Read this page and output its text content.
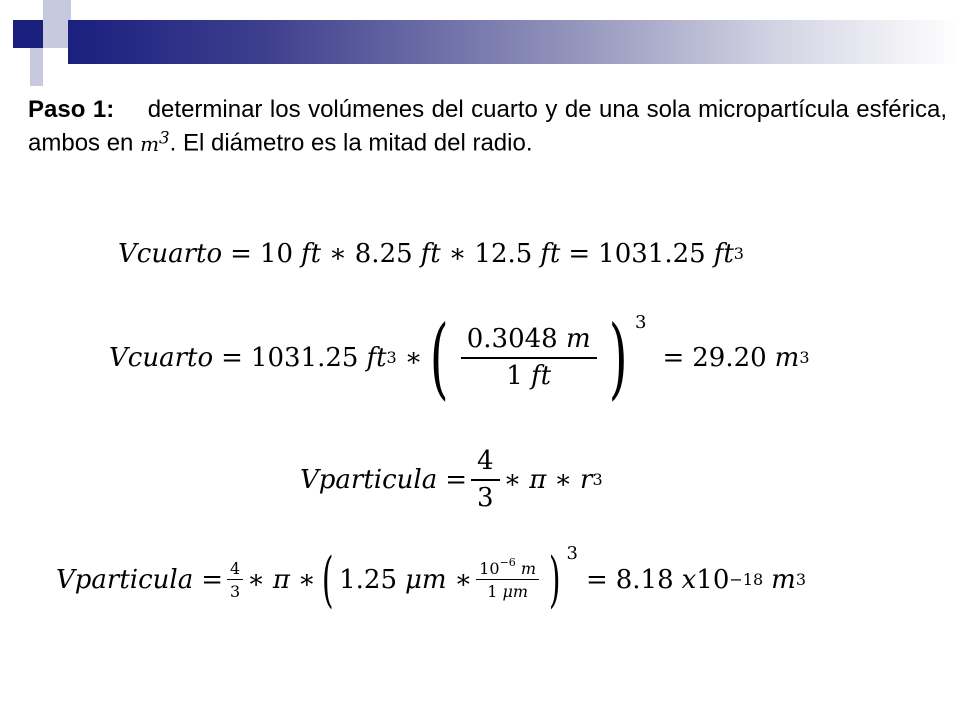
Paso 1: determinar los volúmenes del cuarto y de una sola micropartícula esférica, ambos en $m^3$. El diámetro es la mitad del radio.
Vcuarto = 10 ft ∗ 8.25 ft ∗ 12.5 ft = 1031.25 ft 3
Vcuarto = 1031.25 ft 3 ∗ ( $\frac{0.3048 m}{1 ft}$ ) 3
= 29.20 m 3
Vparticula = $\frac{4}{3}$ ∗ π ∗ r 3
Vparticula = $\frac{4}{3}$ ∗ π ∗ ( 1.25 μm ∗ $\frac{10^{-6} m}{1 \mu m}$ ) 3
= 8.18 x 10 −18 m 3
